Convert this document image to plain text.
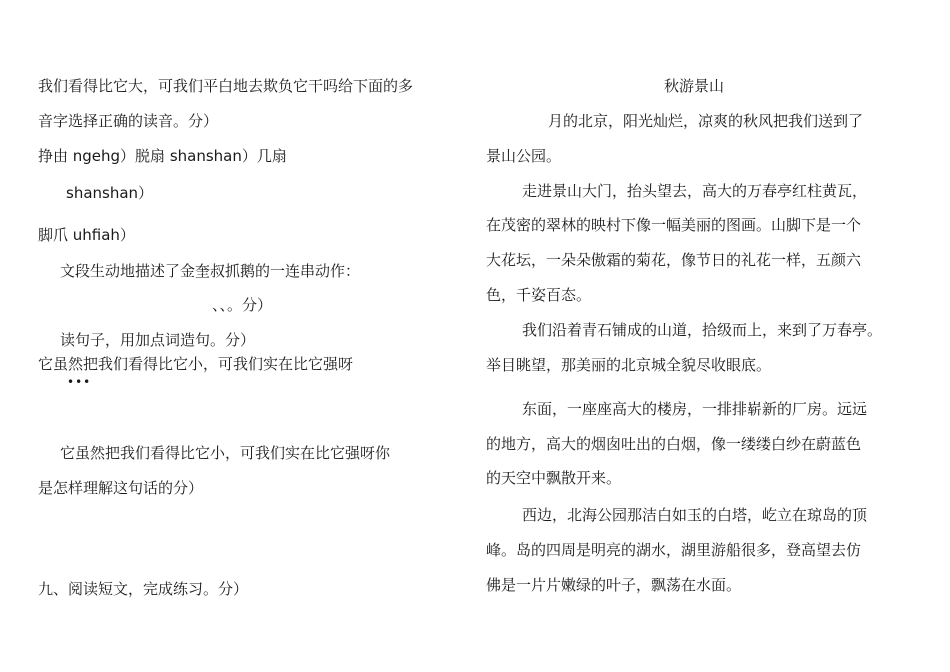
我们看得比它大，可我们平白地去欺负它干吗给下面的多
音字选择正确的读音。分）
挣由 ngehg）脱扇 shanshan）几扇
shanshan）
脚爪 uhfiah）
文段生动地描述了金奎叔抓鹅的一连串动作：
、、。分）
读句子，用加点词造句。分）
它虽然把我们看得比它小，可我们实在比它强呀
•••
它虽然把我们看得比它小，可我们实在比它强呀你
是怎样理解这句话的分）
九、阅读短文，完成练习。分）
秋游景山
月的北京，阳光灿烂，凉爽的秋风把我们送到了
景山公园。
走进景山大门，抬头望去，高大的万春亭红柱黄瓦，
在茂密的翠林的映村下像一幅美丽的图画。山脚下是一个
大花坛，一朵朵傲霜的菊花，像节日的礼花一样，五颜六
色，千姿百态。
我们沿着青石铺成的山道，拾级而上，来到了万春亭。
举目眺望，那美丽的北京城全貌尽收眼底。
东面，一座座高大的楼房，一排排崭新的厂房。远远
的地方，高大的烟囱吐出的白烟，像一缕缕白纱在蔚蓝色
的天空中飘散开来。
西边，北海公园那洁白如玉的白塔，屹立在琼岛的顶
峰。岛的四周是明亮的湖水，湖里游船很多，登高望去仿
佛是一片片嫩绿的叶子，飘荡在水面。
